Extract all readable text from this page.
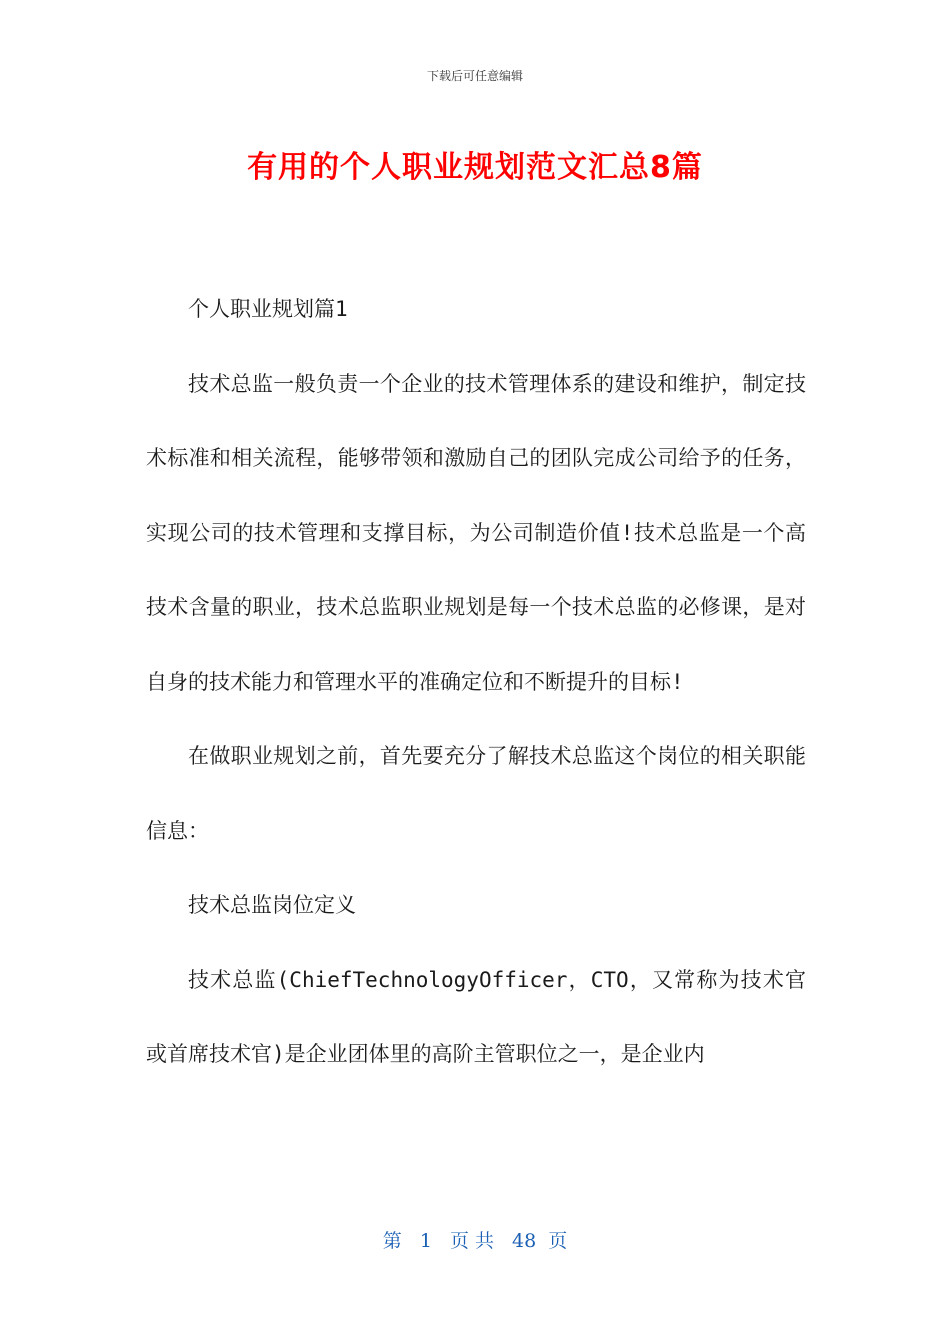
下载后可任意编辑
有用的个人职业规划范文汇总8篇

个人职业规划篇1

技术总监一般负责一个企业的技术管理体系的建设和维护，制定技术标准和相关流程，能够带领和激励自己的团队完成公司给予的任务，实现公司的技术管理和支撑目标，为公司制造价值!技术总监是一个高技术含量的职业，技术总监职业规划是每一个技术总监的必修课，是对自身的技术能力和管理水平的准确定位和不断提升的目标!

在做职业规划之前，首先要充分了解技术总监这个岗位的相关职能信息：

技术总监岗位定义

技术总监(ChiefTechnologyOfficer，CTO，又常称为技术官或首席技术官)是企业团体里的高阶主管职位之一，是企业内

第 1 页 共 48 页
